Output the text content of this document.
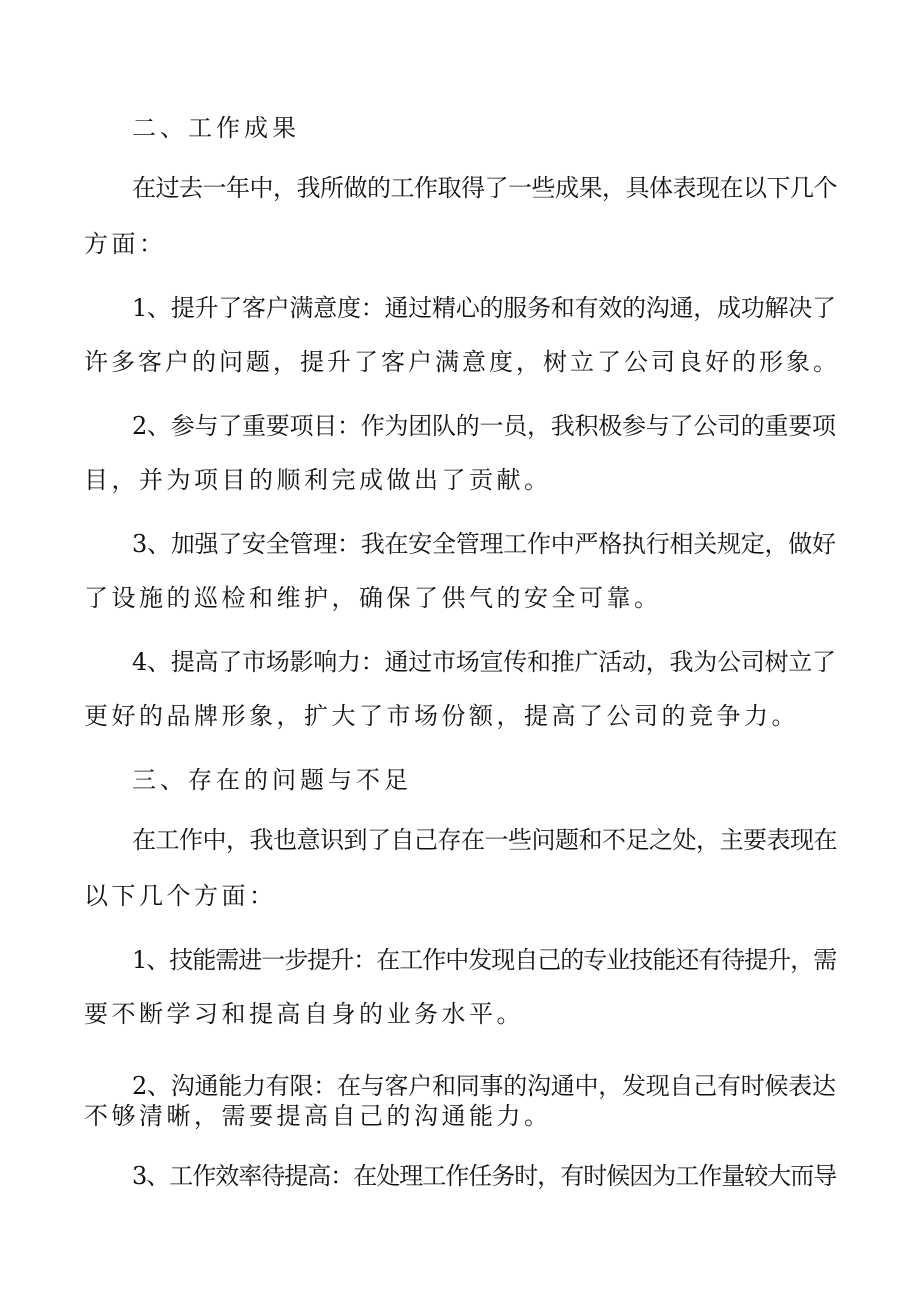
二、工作成果
在过去一年中，我所做的工作取得了一些成果，具体表现在以下几个
方面：
1、提升了客户满意度：通过精心的服务和有效的沟通，成功解决了
许多客户的问题，提升了客户满意度，树立了公司良好的形象。
2、参与了重要项目：作为团队的一员，我积极参与了公司的重要项
目，并为项目的顺利完成做出了贡献。
3、加强了安全管理：我在安全管理工作中严格执行相关规定，做好
了设施的巡检和维护，确保了供气的安全可靠。
4、提高了市场影响力：通过市场宣传和推广活动，我为公司树立了
更好的品牌形象，扩大了市场份额，提高了公司的竞争力。
三、存在的问题与不足
在工作中，我也意识到了自己存在一些问题和不足之处，主要表现在
以下几个方面：
1、技能需进一步提升：在工作中发现自己的专业技能还有待提升，需
要不断学习和提高自身的业务水平。
2、沟通能力有限：在与客户和同事的沟通中，发现自己有时候表达
不够清晰，需要提高自己的沟通能力。
3、工作效率待提高：在处理工作任务时，有时候因为工作量较大而导
